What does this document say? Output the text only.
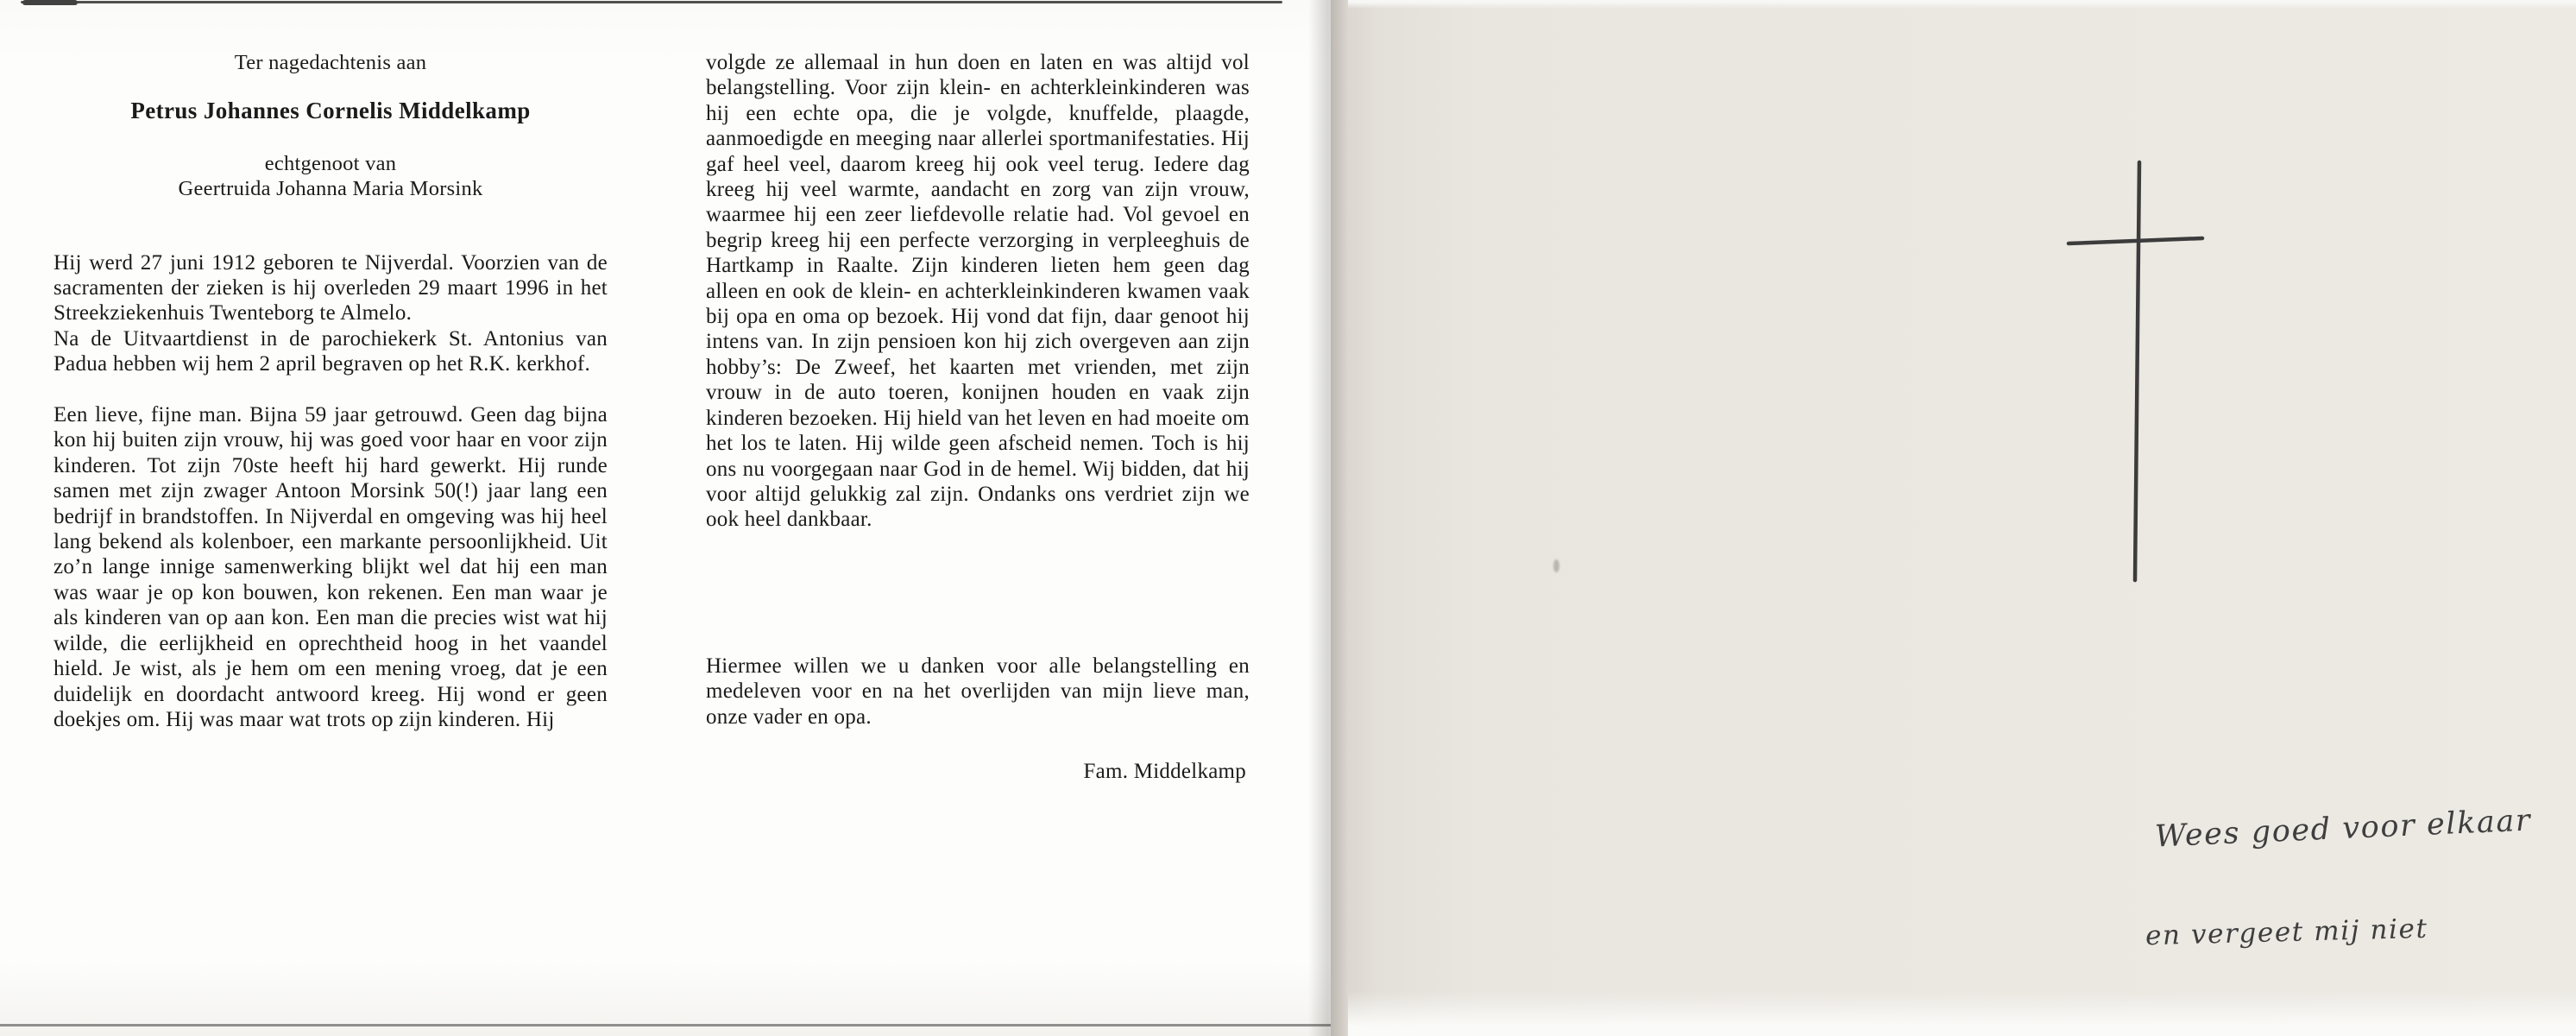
Ter nagedachtenis aan

Petrus Johannes Cornelis Middelkamp

echtgenoot van

Geertruida Johanna Maria Morsink

Hij werd 27 juni 1912 geboren te Nijverdal. Voorzien van de sacramenten der zieken is hij overleden 29 maart 1996 in het Streekziekenhuis Twenteborg te Almelo.

Na de Uitvaartdienst in de parochiekerk St. Antonius van Padua hebben wij hem 2 april begraven op het R.K. kerkhof.

Een lieve, fijne man. Bijna 59 jaar getrouwd. Geen dag bijna kon hij buiten zijn vrouw, hij was goed voor haar en voor zijn kinderen. Tot zijn 70ste heeft hij hard gewerkt. Hij runde samen met zijn zwager Antoon Morsink 50(!) jaar lang een bedrijf in brandstoffen. In Nijverdal en omgeving was hij heel lang bekend als kolenboer, een markante persoonlijkheid. Uit zo’n lange innige samenwerking blijkt wel dat hij een man was waar je op kon bouwen, kon rekenen. Een man waar je als kinderen van op aan kon. Een man die precies wist wat hij wilde, die eerlijkheid en oprechtheid hoog in het vaandel hield. Je wist, als je hem om een mening vroeg, dat je een duidelijk en doordacht antwoord kreeg. Hij wond er geen doekjes om. Hij was maar wat trots op zijn kinderen. Hij

volgde ze allemaal in hun doen en laten en was altijd vol belangstelling. Voor zijn klein- en achterkleinkinderen was hij een echte opa, die je volgde, knuffelde, plaagde, aanmoedigde en meeging naar allerlei sportmanifestaties. Hij gaf heel veel, daarom kreeg hij ook veel terug. Iedere dag kreeg hij veel warmte, aandacht en zorg van zijn vrouw, waarmee hij een zeer liefdevolle relatie had. Vol gevoel en begrip kreeg hij een perfecte verzorging in verpleeghuis de Hartkamp in Raalte. Zijn kinderen lieten hem geen dag alleen en ook de klein- en achterkleinkinderen kwamen vaak bij opa en oma op bezoek. Hij vond dat fijn, daar genoot hij intens van. In zijn pensioen kon hij zich overgeven aan zijn hobby’s: De Zweef, het kaarten met vrienden, met zijn vrouw in de auto toeren, konijnen houden en vaak zijn kinderen bezoeken. Hij hield van het leven en had moeite om het los te laten. Hij wilde geen afscheid nemen. Toch is hij ons nu voorgegaan naar God in de hemel. Wij bidden, dat hij voor altijd gelukkig zal zijn. Ondanks ons verdriet zijn we ook heel dankbaar.

Hiermee willen we u danken voor alle belangstelling en medeleven voor en na het overlijden van mijn lieve man, onze vader en opa.

Fam. Middelkamp

Wees goed voor elkaar
en vergeet mij niet
